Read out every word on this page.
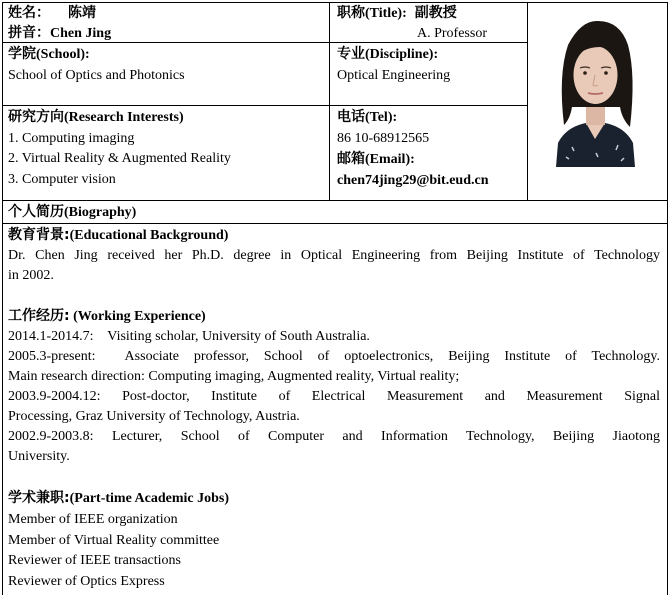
姓名： 陈靖
拼音：Chen Jing
职称(Title): 副教授
A. Professor
学院(School):
School of Optics and Photonics
专业(Discipline):
Optical Engineering
研究方向(Research Interests)
1. Computing imaging
2. Virtual Reality & Augmented Reality
3. Computer vision
电话(Tel):
86 10-68912565
邮箱(Email):
chen74jing29@bit.eud.cn
个人简历(Biography)
教育背景:(Educational Background)
Dr. Chen Jing received her Ph.D. degree in Optical Engineering from Beijing Institute of Technology
in 2002.
工作经历: (Working Experience)
2014.1-2014.7:    Visiting scholar, University of South Australia.
2005.3-present:  Associate professor, School of optoelectronics, Beijing Institute of Technology.
Main research direction: Computing imaging, Augmented reality, Virtual reality;
2003.9-2004.12: Post-doctor, Institute of Electrical Measurement and Measurement Signal
Processing, Graz University of Technology, Austria.
2002.9-2003.8: Lecturer, School of Computer and Information Technology, Beijing Jiaotong
University.
学术兼职:(Part-time Academic Jobs)
Member of IEEE organization
Member of Virtual Reality committee
Reviewer of IEEE transactions
Reviewer of Optics Express
